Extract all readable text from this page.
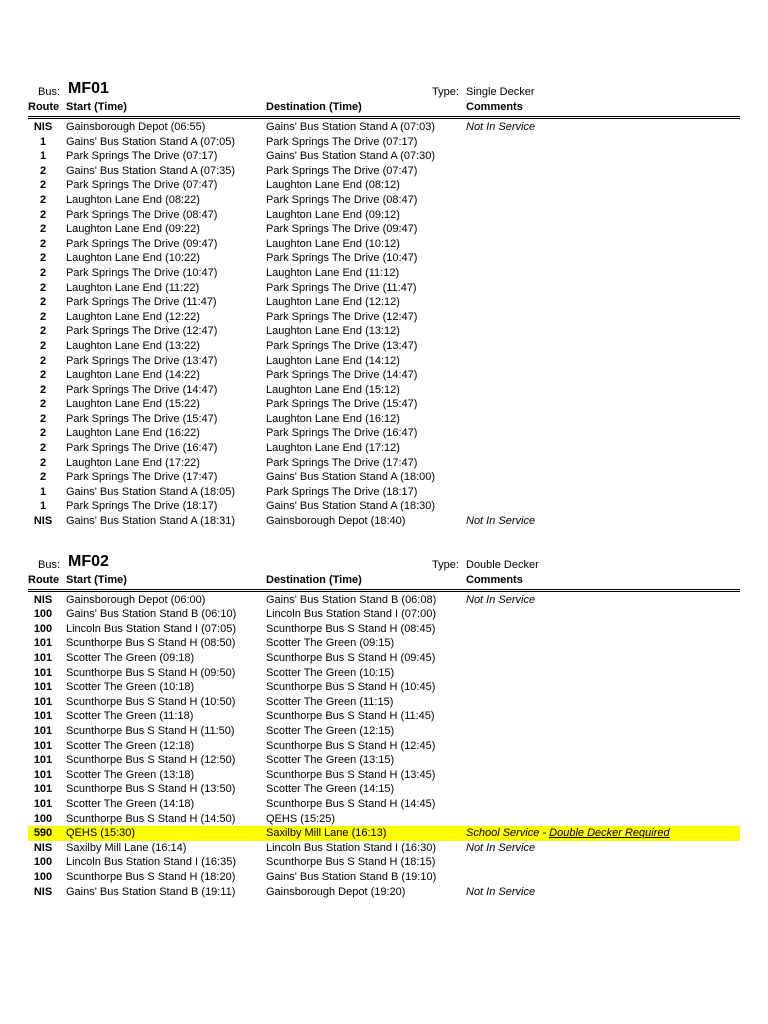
Bus: MF01	Type: Single Decker
Route Start (Time)	Destination (Time)	Comments
NIS	Gainsborough Depot (06:55)	Gains' Bus Station Stand A (07:03)	Not In Service
1	Gains' Bus Station Stand A (07:05)	Park Springs The Drive (07:17)
1	Park Springs The Drive (07:17)	Gains' Bus Station Stand A (07:30)
2	Gains' Bus Station Stand A (07:35)	Park Springs The Drive (07:47)
2	Park Springs The Drive (07:47)	Laughton Lane End (08:12)
2	Laughton Lane End (08:22)	Park Springs The Drive (08:47)
2	Park Springs The Drive (08:47)	Laughton Lane End (09:12)
2	Laughton Lane End (09:22)	Park Springs The Drive (09:47)
2	Park Springs The Drive (09:47)	Laughton Lane End (10:12)
2	Laughton Lane End (10:22)	Park Springs The Drive (10:47)
2	Park Springs The Drive (10:47)	Laughton Lane End (11:12)
2	Laughton Lane End (11:22)	Park Springs The Drive (11:47)
2	Park Springs The Drive (11:47)	Laughton Lane End (12:12)
2	Laughton Lane End (12:22)	Park Springs The Drive (12:47)
2	Park Springs The Drive (12:47)	Laughton Lane End (13:12)
2	Laughton Lane End (13:22)	Park Springs The Drive (13:47)
2	Park Springs The Drive (13:47)	Laughton Lane End (14:12)
2	Laughton Lane End (14:22)	Park Springs The Drive (14:47)
2	Park Springs The Drive (14:47)	Laughton Lane End (15:12)
2	Laughton Lane End (15:22)	Park Springs The Drive (15:47)
2	Park Springs The Drive (15:47)	Laughton Lane End (16:12)
2	Laughton Lane End (16:22)	Park Springs The Drive (16:47)
2	Park Springs The Drive (16:47)	Laughton Lane End (17:12)
2	Laughton Lane End (17:22)	Park Springs The Drive (17:47)
2	Park Springs The Drive (17:47)	Gains' Bus Station Stand A (18:00)
1	Gains' Bus Station Stand A (18:05)	Park Springs The Drive (18:17)
1	Park Springs The Drive (18:17)	Gains' Bus Station Stand A (18:30)
NIS	Gains' Bus Station Stand A (18:31)	Gainsborough Depot (18:40)	Not In Service
Bus: MF02	Type: Double Decker
Route Start (Time)	Destination (Time)	Comments
NIS	Gainsborough Depot (06:00)	Gains' Bus Station Stand B (06:08)	Not In Service
100	Gains' Bus Station Stand B (06:10)	Lincoln Bus Station Stand I (07:00)
100	Lincoln Bus Station Stand I (07:05)	Scunthorpe Bus S Stand H (08:45)
101	Scunthorpe Bus S Stand H (08:50)	Scotter The Green (09:15)
101	Scotter The Green (09:18)	Scunthorpe Bus S Stand H (09:45)
101	Scunthorpe Bus S Stand H (09:50)	Scotter The Green (10:15)
101	Scotter The Green (10:18)	Scunthorpe Bus S Stand H (10:45)
101	Scunthorpe Bus S Stand H (10:50)	Scotter The Green (11:15)
101	Scotter The Green (11:18)	Scunthorpe Bus S Stand H (11:45)
101	Scunthorpe Bus S Stand H (11:50)	Scotter The Green (12:15)
101	Scotter The Green (12:18)	Scunthorpe Bus S Stand H (12:45)
101	Scunthorpe Bus S Stand H (12:50)	Scotter The Green (13:15)
101	Scotter The Green (13:18)	Scunthorpe Bus S Stand H (13:45)
101	Scunthorpe Bus S Stand H (13:50)	Scotter The Green (14:15)
101	Scotter The Green (14:18)	Scunthorpe Bus S Stand H (14:45)
100	Scunthorpe Bus S Stand H (14:50)	QEHS (15:25)
590	QEHS (15:30)	Saxilby Mill Lane (16:13)	School Service - Double Decker Required
NIS	Saxilby Mill Lane (16:14)	Lincoln Bus Station Stand I (16:30)	Not In Service
100	Lincoln Bus Station Stand I (16:35)	Scunthorpe Bus S Stand H (18:15)
100	Scunthorpe Bus S Stand H (18:20)	Gains' Bus Station Stand B (19:10)
NIS	Gains' Bus Station Stand B (19:11)	Gainsborough Depot (19:20)	Not In Service
